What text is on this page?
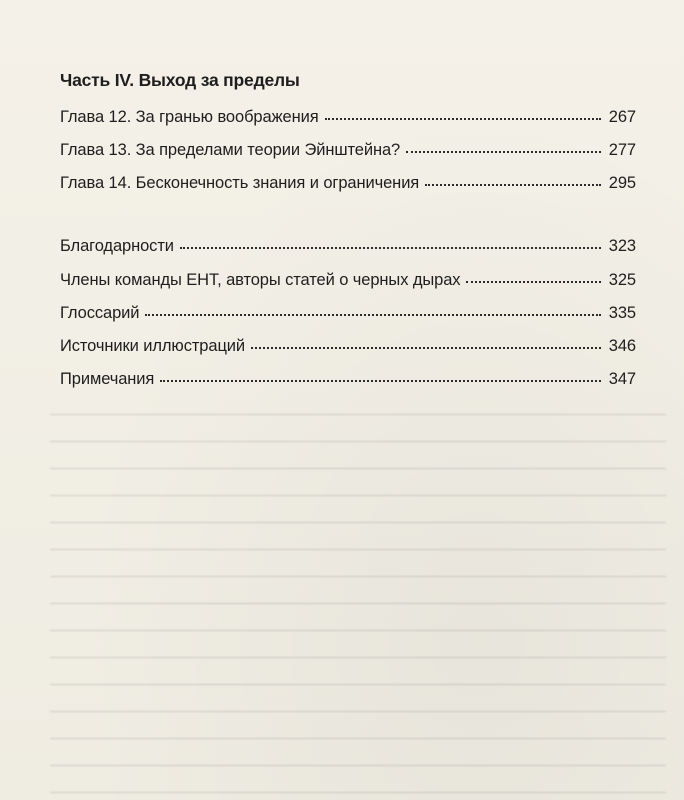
Часть IV. Выход за пределы
Глава 12. За гранью воображения	267
Глава 13. За пределами теории Эйнштейна?	277
Глава 14. Бесконечность знания и ограничения	295
Благодарности	323
Члены команды EHT, авторы статей о черных дырах	325
Глоссарий	335
Источники иллюстраций	346
Примечания	347
